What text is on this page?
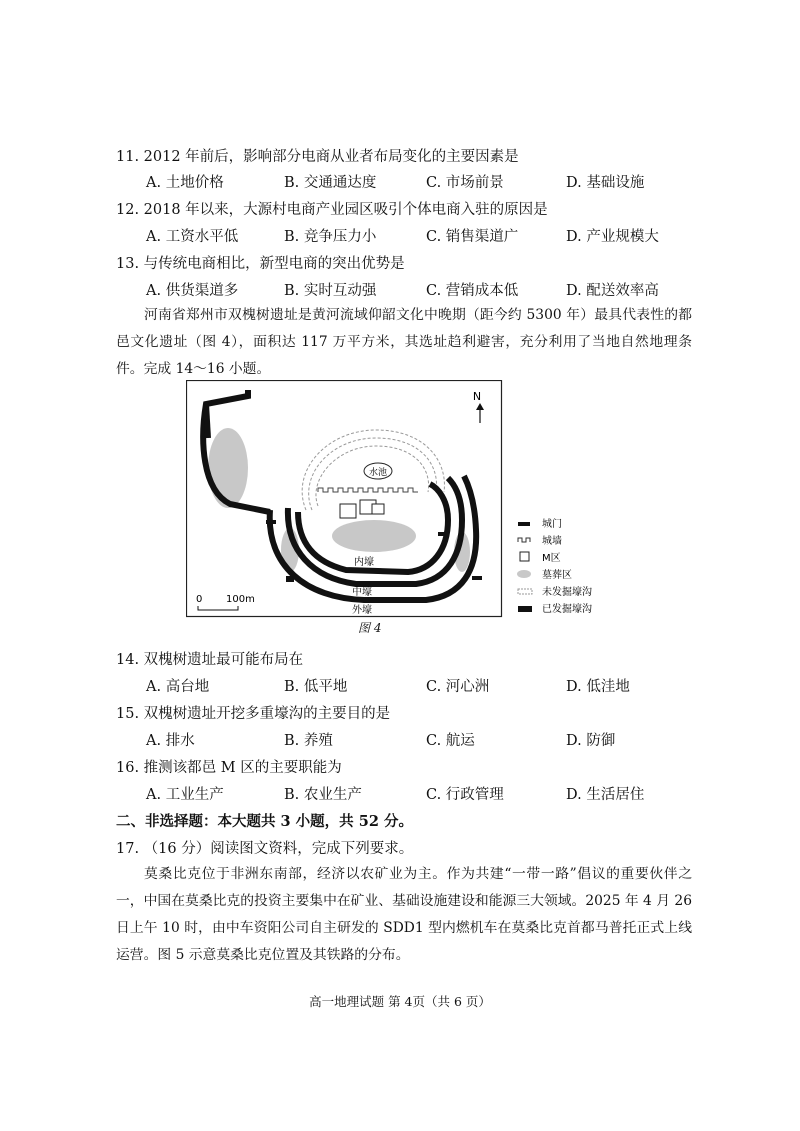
11. 2012 年前后，影响部分电商从业者布局变化的主要因素是
A. 土地价格	B. 交通通达度	C. 市场前景	D. 基础设施
12. 2018 年以来，大源村电商产业园区吸引个体电商入驻的原因是
A. 工资水平低	B. 竞争压力小	C. 销售渠道广	D. 产业规模大
13. 与传统电商相比，新型电商的突出优势是
A. 供货渠道多	B. 实时互动强	C. 营销成本低	D. 配送效率高
河南省郑州市双槐树遗址是黄河流域仰韶文化中晚期（距今约 5300 年）最具代表性的都邑文化遗址（图 4），面积达 117 万平方米，其选址趋利避害，充分利用了当地自然地理条件。完成 14～16 小题。
N
水池
内壕
中壕
外壕
0 100m
城门
城墙
M区
墓葬区
未发掘壕沟
已发掘壕沟
图 4
14. 双槐树遗址最可能布局在
A. 高台地	B. 低平地	C. 河心洲	D. 低洼地
15. 双槐树遗址开挖多重壕沟的主要目的是
A. 排水	B. 养殖	C. 航运	D. 防御
16. 推测该都邑 M 区的主要职能为
A. 工业生产	B. 农业生产	C. 行政管理	D. 生活居住
二、非选择题：本大题共 3 小题，共 52 分。
17. （16 分）阅读图文资料，完成下列要求。
莫桑比克位于非洲东南部，经济以农矿业为主。作为共建“一带一路”倡议的重要伙伴之一，中国在莫桑比克的投资主要集中在矿业、基础设施建设和能源三大领域。2025 年 4 月 26 日上午 10 时，由中车资阳公司自主研发的 SDD1 型内燃机车在莫桑比克首都马普托正式上线运营。图 5 示意莫桑比克位置及其铁路的分布。
高一地理试题 第 4页（共 6 页）
